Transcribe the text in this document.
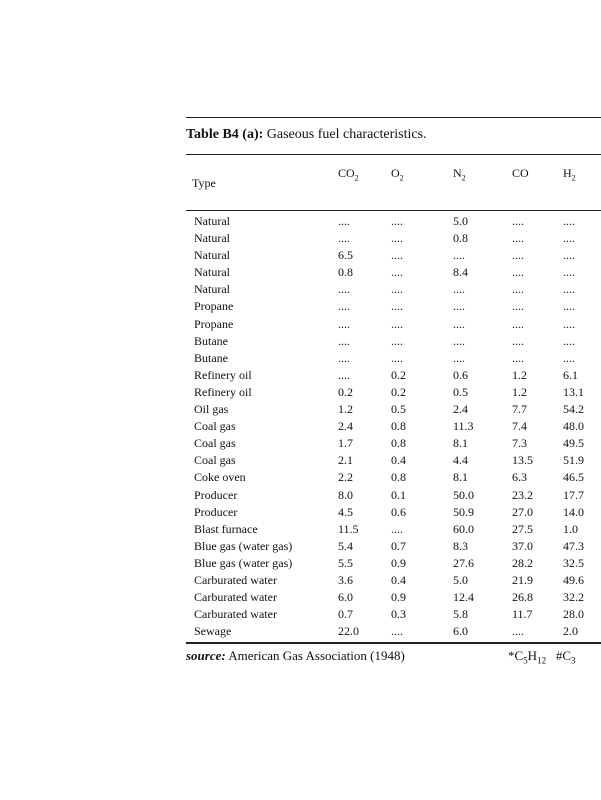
Table B4 (a): Gaseous fuel characteristics.
Type
$CO_2$	$O_2$	$N_2$	CO	$H_2$
Natural	....	....	5.0	....	....
Natural	....	....	0.8	....	....
Natural	6.5	....	....	....	....
Natural	0.8	....	8.4	....	....
Natural	....	....	....	....	....
Propane	....	....	....	....	....
Propane	....	....	....	....	....
Butane	....	....	....	....	....
Butane	....	....	....	....	....
Refinery oil	....	0.2	0.6	1.2	6.1
Refinery oil	0.2	0.2	0.5	1.2	13.1
Oil gas	1.2	0.5	2.4	7.7	54.2
Coal gas	2.4	0.8	11.3	7.4	48.0
Coal gas	1.7	0.8	8.1	7.3	49.5
Coal gas	2.1	0.4	4.4	13.5	51.9
Coke oven	2.2	0.8	8.1	6.3	46.5
Producer	8.0	0.1	50.0	23.2	17.7
Producer	4.5	0.6	50.9	27.0	14.0
Blast furnace	11.5	....	60.0	27.5	1.0
Blue gas (water gas)	5.4	0.7	8.3	37.0	47.3
Blue gas (water gas)	5.5	0.9	27.6	28.2	32.5
Carburated water	3.6	0.4	5.0	21.9	49.6
Carburated water	6.0	0.9	12.4	26.8	32.2
Carburated water	0.7	0.3	5.8	11.7	28.0
Sewage	22.0	....	6.0	....	2.0
source: American Gas Association (1948)	$*C_5H_{12}$ $\#C_3$
